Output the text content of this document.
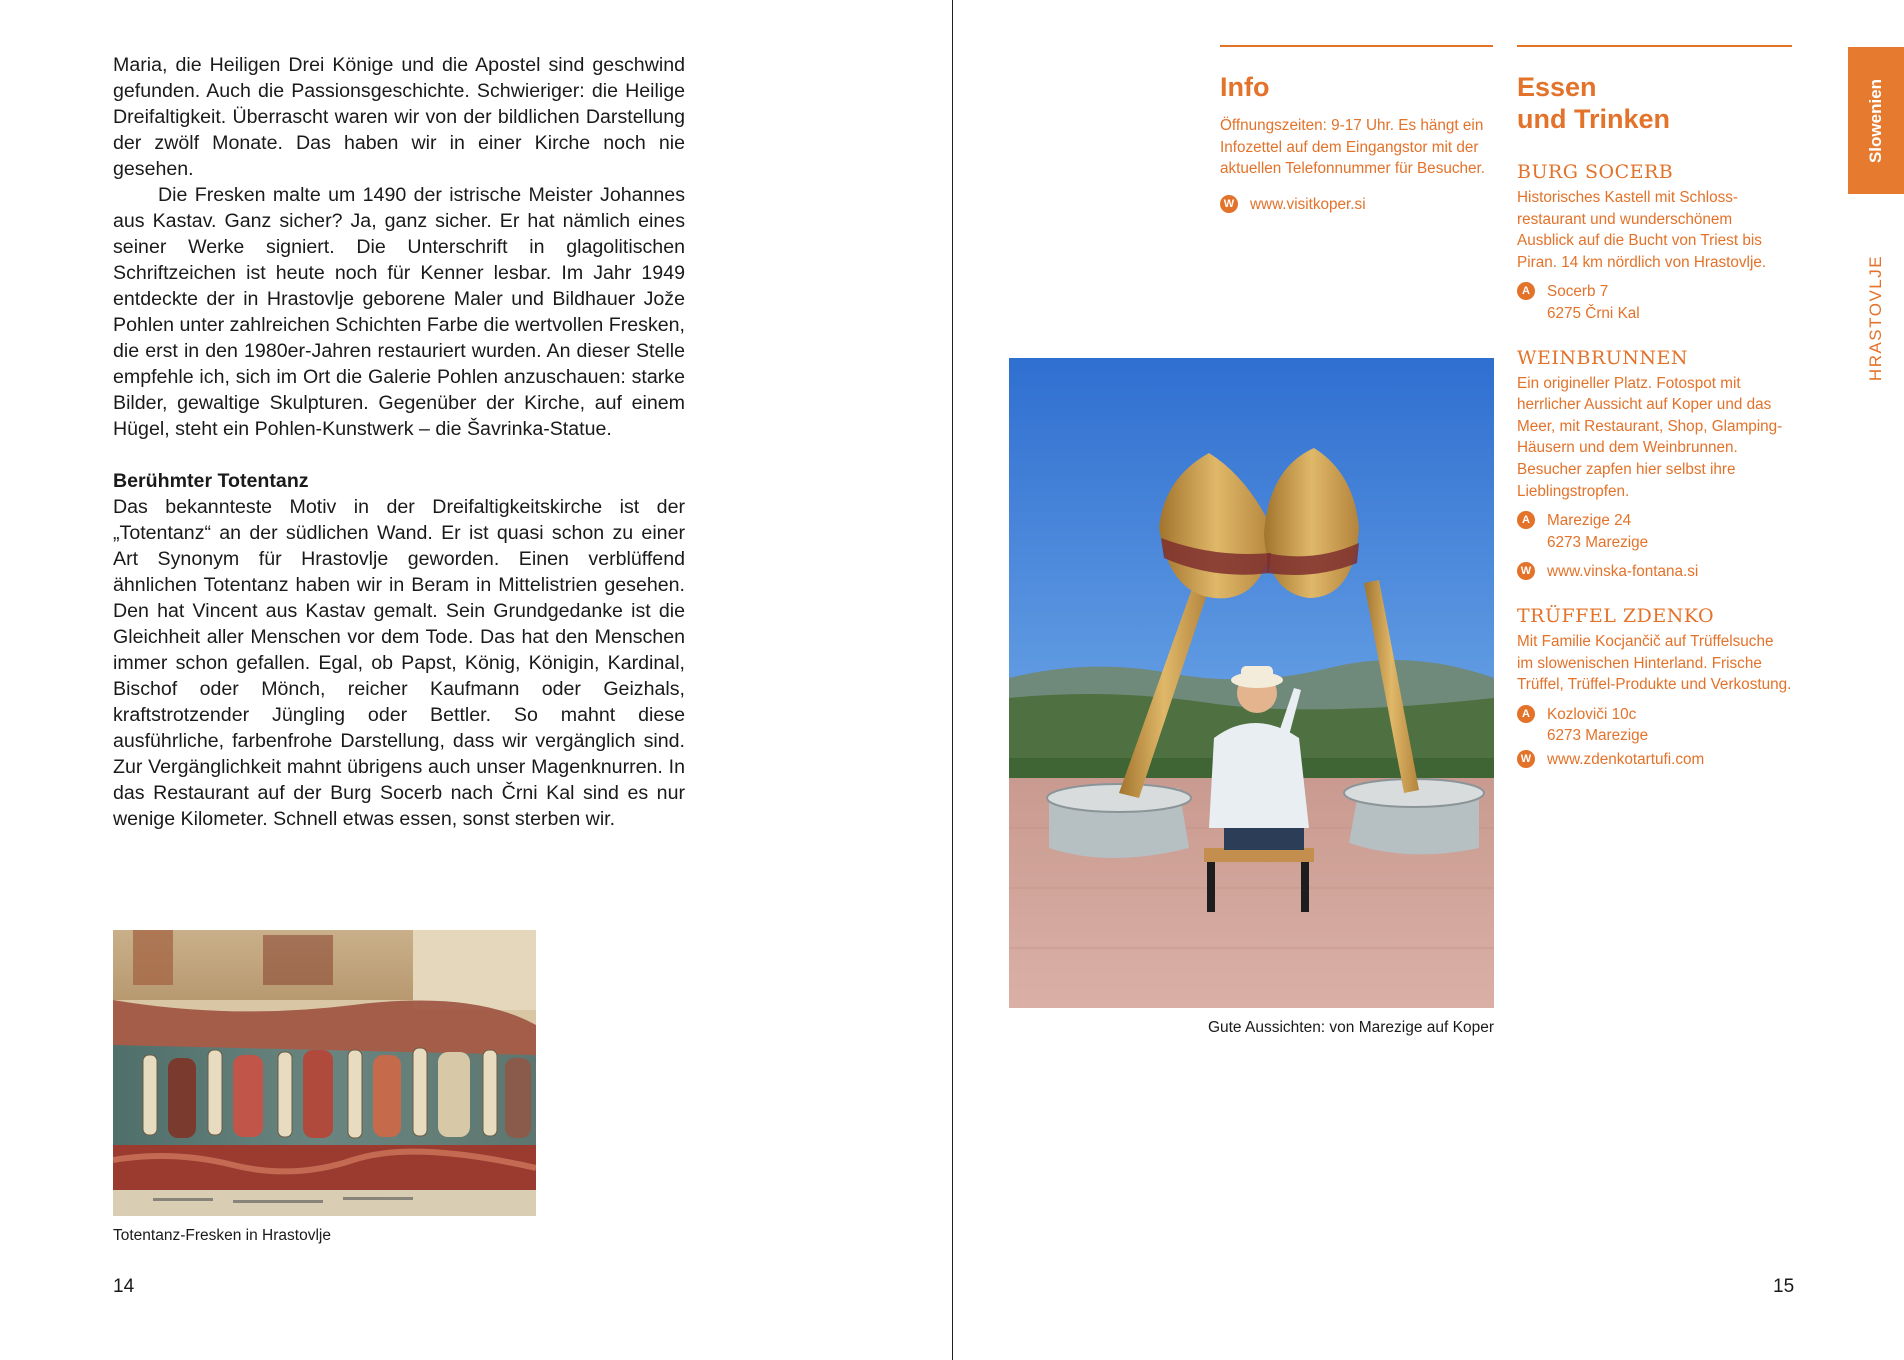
Maria, die Heiligen Drei Könige und die Apostel sind geschwind gefunden. Auch die Passionsgeschichte. Schwieriger: die Heilige Dreifaltigkeit. Überrascht waren wir von der bildlichen Darstellung der zwölf Monate. Das haben wir in einer Kirche noch nie gesehen.

Die Fresken malte um 1490 der istrische Meister Johannes aus Kastav. Ganz sicher? Ja, ganz sicher. Er hat nämlich eines seiner Werke signiert. Die Unterschrift in glagolitischen Schriftzeichen ist heute noch für Kenner lesbar. Im Jahr 1949 entdeckte der in Hrastovlje geborene Maler und Bildhauer Jože Pohlen unter zahlreichen Schichten Farbe die wertvollen Fresken, die erst in den 1980er-Jahren restauriert wurden. An dieser Stelle empfehle ich, sich im Ort die Galerie Pohlen anzuschauen: starke Bilder, gewaltige Skulpturen. Gegenüber der Kirche, auf einem Hügel, steht ein Pohlen-Kunstwerk – die Šavrinka-Statue.

Berühmter Totentanz

Das bekannteste Motiv in der Dreifaltigkeitskirche ist der „Totentanz“ an der südlichen Wand. Er ist quasi schon zu einer Art Synonym für Hrastovlje geworden. Einen verblüffend ähnlichen Totentanz haben wir in Beram in Mittelistrien gesehen. Den hat Vincent aus Kastav gemalt. Sein Grundgedanke ist die Gleichheit aller Menschen vor dem Tode. Das hat den Menschen immer schon gefallen. Egal, ob Papst, König, Königin, Kardinal, Bischof oder Mönch, reicher Kaufmann oder Geizhals, kraftstrotzender Jüngling oder Bettler. So mahnt diese ausführliche, farbenfrohe Darstellung, dass wir vergänglich sind. Zur Vergänglichkeit mahnt übrigens auch unser Magenknurren. In das Restaurant auf der Burg Socerb nach Črni Kal sind es nur wenige Kilometer. Schnell etwas essen, sonst sterben wir.

Totentanz-Fresken in Hrastovlje
14
Info

Öffnungszeiten: 9-17 Uhr. Es hängt ein Infozettel auf dem Eingangstor mit der aktuellen Telefonnummer für Besucher.

W www.visitkoper.si
Essen
und Trinken
BURG SOCERB

Historisches Kastell mit Schlossrestaurant und wunderschönem Ausblick auf die Bucht von Triest bis Piran. 14 km nördlich von Hrastovlje.

A	Socerb 7
6275 Črni Kal
WEINBRUNNEN

Ein origineller Platz. Fotospot mit herrlicher Aussicht auf Koper und das Meer, mit Restaurant, Shop, Glamping-Häusern und dem Weinbrunnen. Besucher zapfen hier selbst ihre Lieblingstropfen.

A	Marezige 24
6273 Marezige
W www.vinska-fontana.si
TRÜFFEL ZDENKO

Mit Familie Kocjančič auf Trüffelsuche im slowenischen Hinterland. Frische Trüffel, Trüffel-Produkte und Verkostung.

A	Kozloviči 10c
6273 Marezige
W www.zdenkotartufi.com
Gute Aussichten: von Marezige auf Koper
15
Slowenien
HRASTOVLJE
